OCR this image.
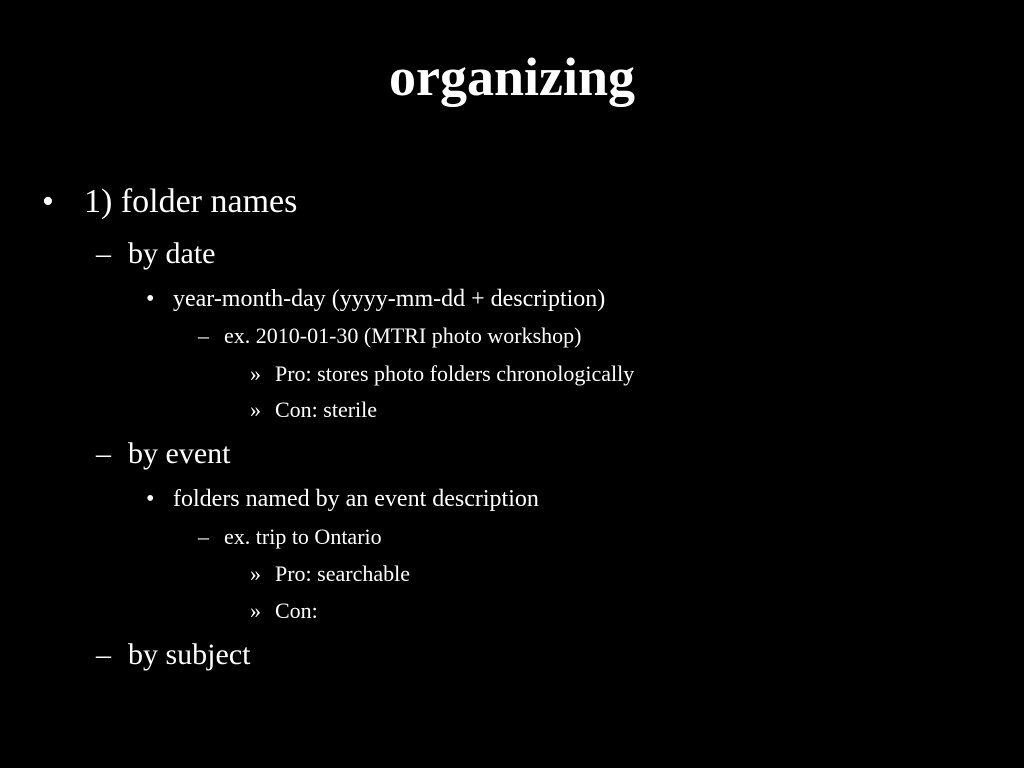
organizing
• 1) folder names
– by date
• year-month-day (yyyy-mm-dd + description)
– ex. 2010-01-30 (MTRI photo workshop)
» Pro: stores photo folders chronologically
» Con: sterile
– by event
• folders named by an event description
– ex. trip to Ontario
» Pro: searchable
» Con:
– by subject
